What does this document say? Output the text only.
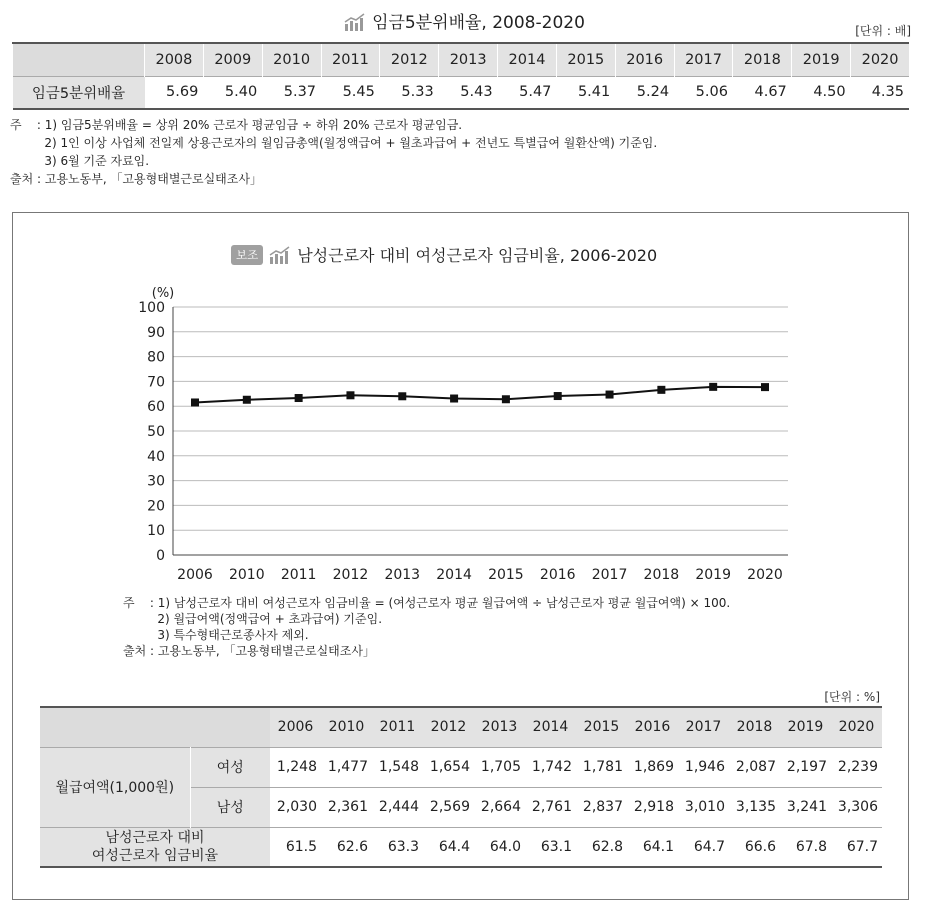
임금5분위배율, 2008-2020	[단위 : 배]
	2008	2009	2010	2011	2012	2013	2014	2015	2016	2017	2018	2019	2020
임금5분위배율	5.69	5.40	5.37	5.45	5.33	5.43	5.47	5.41	5.24	5.06	4.67	4.50	4.35
주    : 1) 임금5분위배율 = 상위 20% 근로자 평균임금 ÷ 하위 20% 근로자 평균임금.
2) 1인 이상 사업체 전일제 상용근로자의 월임금총액(월정액급여 + 월초과급여 + 전년도 특별급여 월환산액) 기준임.
3) 6월 기준 자료임.
출처 : 고용노동부, 「고용형태별근로실태조사」
보조 남성근로자 대비 여성근로자 임금비율, 2006-2020
0
10
20
30
40
50
60
70
80
90
100
(%)
2006 2010 2011 2012 2013 2014 2015 2016 2017 2018 2019 2020
주    : 1) 남성근로자 대비 여성근로자 임금비율 = (여성근로자 평균 월급여액 ÷ 남성근로자 평균 월급여액) × 100.
2) 월급여액(정액급여 + 초과급여) 기준임.
3) 특수형태근로종사자 제외.
출처 : 고용노동부, 「고용형태별근로실태조사」
[단위 : %]
		2006	2010	2011	2012	2013	2014	2015	2016	2017	2018	2019	2020
월급여액(1,000원)	여성	1,248	1,477	1,548	1,654	1,705	1,742	1,781	1,869	1,946	2,087	2,197	2,239
	남성	2,030	2,361	2,444	2,569	2,664	2,761	2,837	2,918	3,010	3,135	3,241	3,306

남성근로자 대비
여성근로자 임금비율		61.5	62.6	63.3	64.4	64.0	63.1	62.8	64.1	64.7	66.6	67.8	67.7
